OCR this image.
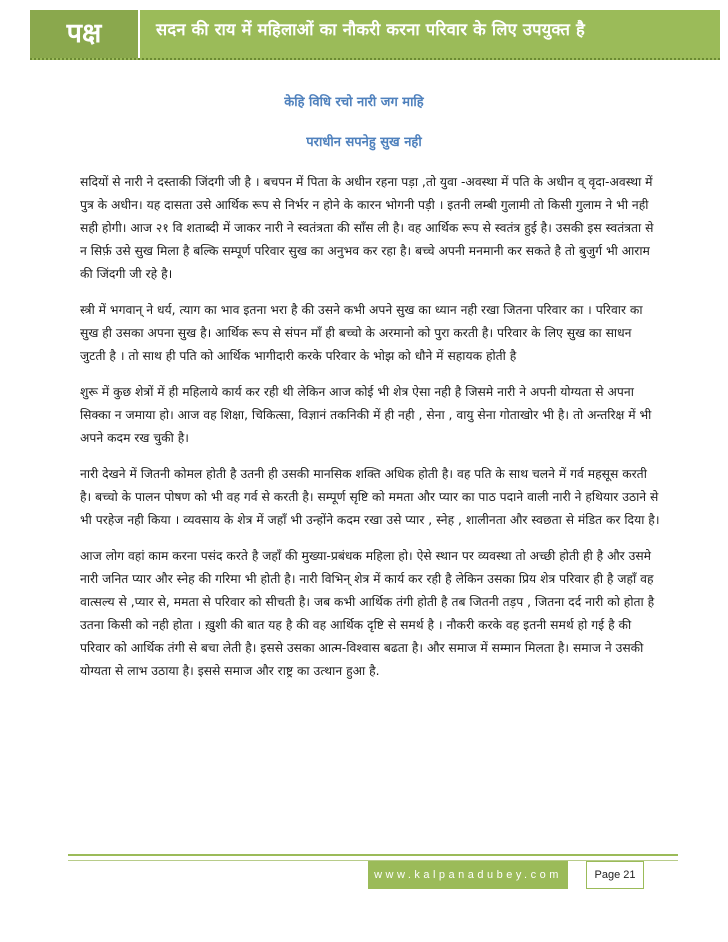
पक्ष	सदन की राय में महिलाओं का नौकरी करना परिवार के लिए उपयुक्त है
केहि विधि रचो नारी जग माहि
पराधीन सपनेहु सुख नही

सदियों से नारी ने दस्ताकी जिंदगी जी है । बचपन में पिता के अधीन रहना पड़ा ,तो युवा -अवस्था में पति के अधीन व् वृदा-अवस्था में पुत्र के अधीन। यह दासता उसे आर्थिक रूप से निर्भर न होने के कारन भोगनी पड़ी । इतनी लम्बी गुलामी तो किसी गुलाम ने भी नही सही होगी। आज २१ वि शताब्दी में जाकर नारी ने स्वतंत्रता की साँस ली है। वह आर्थिक रूप से स्वतंत्र हुई है। उसकी इस स्वतंत्रता से न सिर्फ़ उसे सुख मिला है बल्कि सम्पूर्ण परिवार सुख का अनुभव कर रहा है। बच्चे अपनी मनमानी कर सकते है तो बुजुर्ग भी आराम की जिंदगी जी रहे है।

स्त्री में भगवान् ने धर्य, त्याग का भाव इतना भरा है की उसने कभी अपने सुख का ध्यान नही रखा जितना परिवार का । परिवार का सुख ही उसका अपना सुख है। आर्थिक रूप से संपन माँ ही बच्चो के अरमानो को पुरा करती है। परिवार के लिए सुख का साधन जुटती है । तो साथ ही पति को आर्थिक भागीदारी करके परिवार के भोझ को धौने में सहायक होती है

शुरू में कुछ शेत्रों में ही महिलाये कार्य कर रही थी लेकिन आज कोई भी शेत्र ऐसा नही है जिसमे नारी ने अपनी योग्यता से अपना सिक्का न जमाया हो। आज वह शिक्षा, चिकित्सा, विज्ञानं तकनिकी में ही नही , सेना , वायु सेना गोताखोर भी है। तो अन्तरिक्ष में भी अपने कदम रख चुकी है।

नारी देखने में जितनी कोमल होती है उतनी ही उसकी मानसिक शक्ति अधिक होती है। वह पति के साथ चलने में गर्व महसूस करती है। बच्चो के पालन पोषण को भी वह गर्व से करती है। सम्पूर्ण सृष्टि को ममता और प्यार का पाठ पदाने वाली नारी ने हथियार उठाने से भी परहेज नही किया । व्यवसाय के शेत्र में जहाँ भी उन्होंने कदम रखा उसे प्यार , स्नेह , शालीनता और स्वछता से मंडित कर दिया है।

आज लोग वहां काम करना पसंद करते है जहाँ की मुख्या-प्रबंधक महिला हो। ऐसे स्थान पर व्यवस्था तो अच्छी होती ही है और उसमे नारी जनित प्यार और स्नेह की गरिमा भी होती है। नारी विभिन् शेत्र में कार्य कर रही है लेकिन उसका प्रिय शेत्र परिवार ही है जहाँ वह वात्सल्य से ,प्यार से, ममता से परिवार को सीचती है। जब कभी आर्थिक तंगी होती है तब जितनी तड़प , जितना दर्द नारी को होता है उतना किसी को नही होता । ख़ुशी की बात यह है की वह आर्थिक दृष्टि से समर्थ है । नौकरी करके वह इतनी समर्थ हो गई है की परिवार को आर्थिक तंगी से बचा लेती है। इससे उसका आत्म-विश्वास बढता है। और समाज में सम्मान मिलता है। समाज ने उसकी योग्यता से लाभ उठाया है। इससे समाज और राष्ट्र का उत्थान हुआ है.

www.kalpanadubey.com	Page 21
